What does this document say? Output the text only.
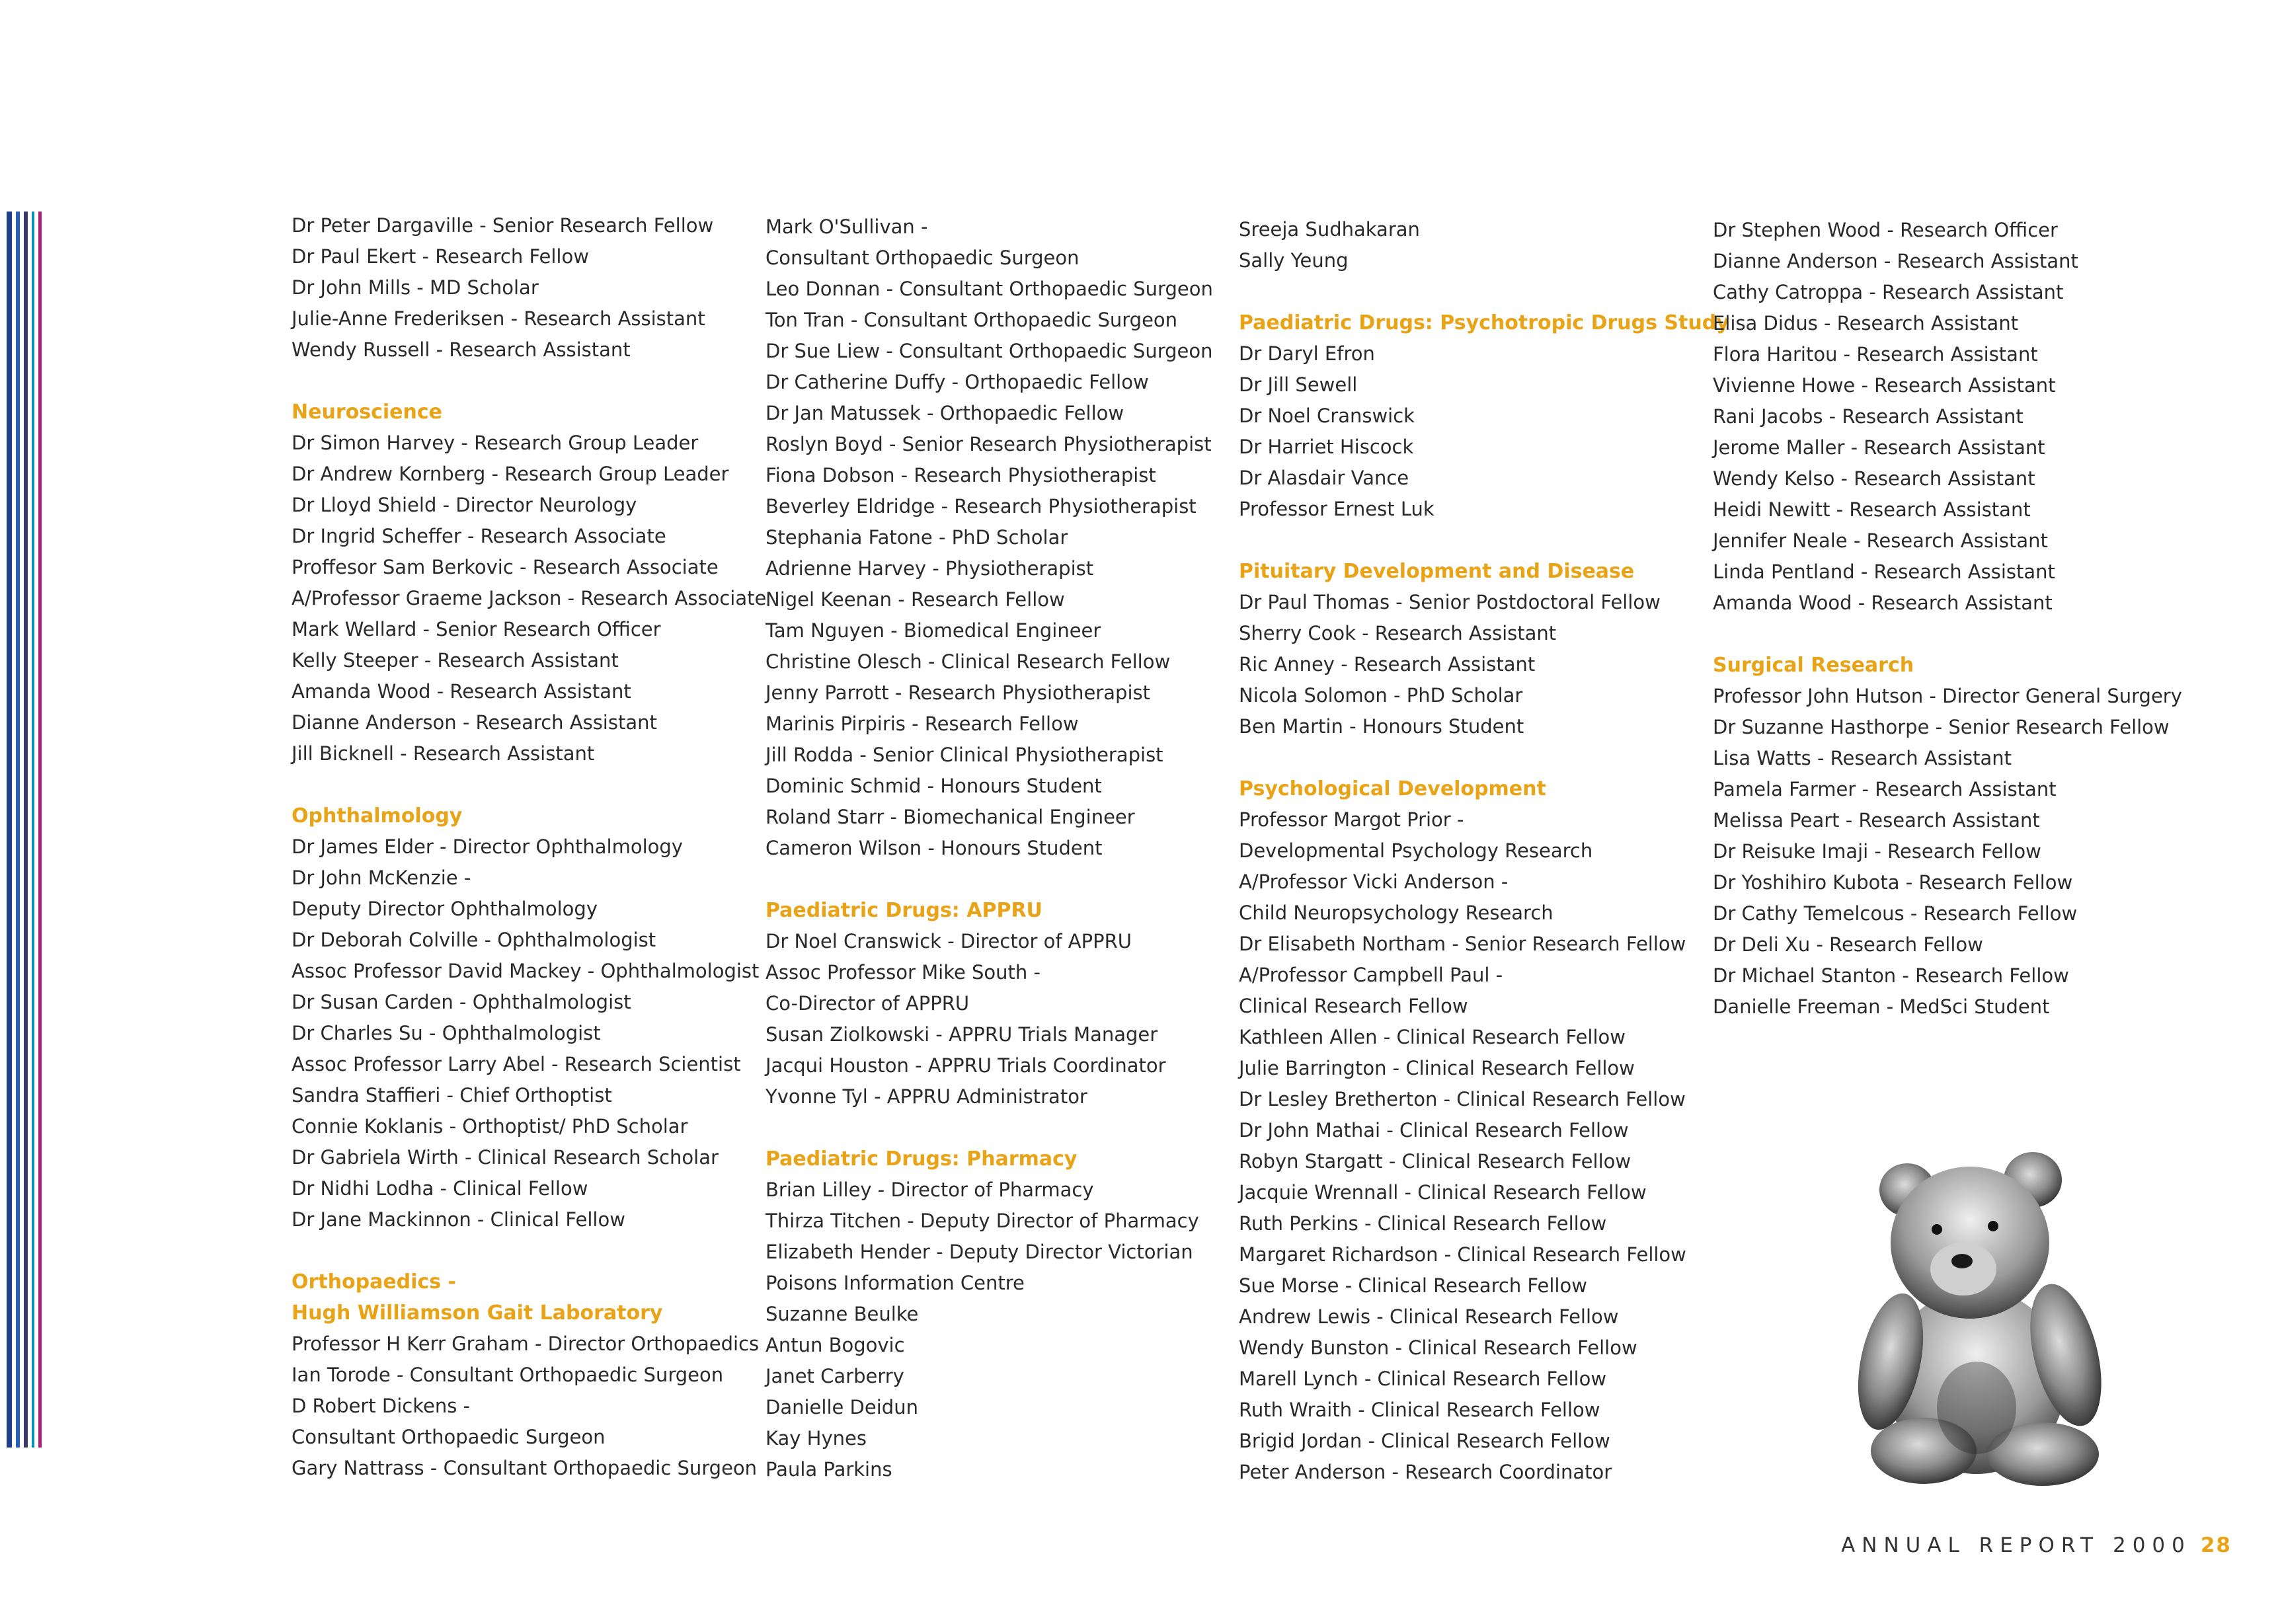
Dr Peter Dargaville - Senior Research Fellow
Dr Paul Ekert - Research Fellow
Dr John Mills - MD Scholar
Julie-Anne Frederiksen - Research Assistant
Wendy Russell - Research Assistant
Neuroscience
Dr Simon Harvey - Research Group Leader
Dr Andrew Kornberg - Research Group Leader
Dr Lloyd Shield - Director Neurology
Dr Ingrid Scheffer - Research Associate
Proffesor Sam Berkovic - Research Associate
A/Professor Graeme Jackson - Research Associate
Mark Wellard - Senior Research Officer
Kelly Steeper - Research Assistant
Amanda Wood - Research Assistant
Dianne Anderson - Research Assistant
Jill Bicknell - Research Assistant
Ophthalmology
Dr James Elder - Director Ophthalmology
Dr John McKenzie -
Deputy Director Ophthalmology
Dr Deborah Colville - Ophthalmologist
Assoc Professor David Mackey - Ophthalmologist
Dr Susan Carden - Ophthalmologist
Dr Charles Su - Ophthalmologist
Assoc Professor Larry Abel - Research Scientist
Sandra Staffieri - Chief Orthoptist
Connie Koklanis - Orthoptist/ PhD Scholar
Dr Gabriela Wirth - Clinical Research Scholar
Dr Nidhi Lodha - Clinical Fellow
Dr Jane Mackinnon - Clinical Fellow
Orthopaedics -
Hugh Williamson Gait Laboratory
Professor H Kerr Graham - Director Orthopaedics
Ian Torode - Consultant Orthopaedic Surgeon
D Robert Dickens -
Consultant Orthopaedic Surgeon
Gary Nattrass - Consultant Orthopaedic Surgeon
Mark O'Sullivan -
Consultant Orthopaedic Surgeon
Leo Donnan - Consultant Orthopaedic Surgeon
Ton Tran - Consultant Orthopaedic Surgeon
Dr Sue Liew - Consultant Orthopaedic Surgeon
Dr Catherine Duffy - Orthopaedic Fellow
Dr Jan Matussek - Orthopaedic Fellow
Roslyn Boyd - Senior Research Physiotherapist
Fiona Dobson - Research Physiotherapist
Beverley Eldridge - Research Physiotherapist
Stephania Fatone - PhD Scholar
Adrienne Harvey - Physiotherapist
Nigel Keenan - Research Fellow
Tam Nguyen - Biomedical Engineer
Christine Olesch - Clinical Research Fellow
Jenny Parrott - Research Physiotherapist
Marinis Pirpiris - Research Fellow
Jill Rodda - Senior Clinical Physiotherapist
Dominic Schmid - Honours Student
Roland Starr - Biomechanical Engineer
Cameron Wilson - Honours Student
Paediatric Drugs: APPRU
Dr Noel Cranswick - Director of APPRU
Assoc Professor Mike South -
Co-Director of APPRU
Susan Ziolkowski - APPRU Trials Manager
Jacqui Houston - APPRU Trials Coordinator
Yvonne Tyl - APPRU Administrator
Paediatric Drugs: Pharmacy
Brian Lilley - Director of Pharmacy
Thirza Titchen - Deputy Director of Pharmacy
Elizabeth Hender - Deputy Director Victorian
Poisons Information Centre
Suzanne Beulke
Antun Bogovic
Janet Carberry
Danielle Deidun
Kay Hynes
Paula Parkins
Sreeja Sudhakaran
Sally Yeung
Paediatric Drugs: Psychotropic Drugs Study
Dr Daryl Efron
Dr Jill Sewell
Dr Noel Cranswick
Dr Harriet Hiscock
Dr Alasdair Vance
Professor Ernest Luk
Pituitary Development and Disease
Dr Paul Thomas - Senior Postdoctoral Fellow
Sherry Cook - Research Assistant
Ric Anney - Research Assistant
Nicola Solomon - PhD Scholar
Ben Martin - Honours Student
Psychological Development
Professor Margot Prior -
Developmental Psychology Research
A/Professor Vicki Anderson -
Child Neuropsychology Research
Dr Elisabeth Northam - Senior Research Fellow
A/Professor Campbell Paul -
Clinical Research Fellow
Kathleen Allen - Clinical Research Fellow
Julie Barrington - Clinical Research Fellow
Dr Lesley Bretherton - Clinical Research Fellow
Dr John Mathai - Clinical Research Fellow
Robyn Stargatt - Clinical Research Fellow
Jacquie Wrennall - Clinical Research Fellow
Ruth Perkins - Clinical Research Fellow
Margaret Richardson - Clinical Research Fellow
Sue Morse - Clinical Research Fellow
Andrew Lewis - Clinical Research Fellow
Wendy Bunston - Clinical Research Fellow
Marell Lynch - Clinical Research Fellow
Ruth Wraith - Clinical Research Fellow
Brigid Jordan - Clinical Research Fellow
Peter Anderson - Research Coordinator
Dr Stephen Wood - Research Officer
Dianne Anderson - Research Assistant
Cathy Catroppa - Research Assistant
Elisa Didus - Research Assistant
Flora Haritou - Research Assistant
Vivienne Howe - Research Assistant
Rani Jacobs - Research Assistant
Jerome Maller - Research Assistant
Wendy Kelso - Research Assistant
Heidi Newitt - Research Assistant
Jennifer Neale - Research Assistant
Linda Pentland - Research Assistant
Amanda Wood - Research Assistant
Surgical Research
Professor John Hutson - Director General Surgery
Dr Suzanne Hasthorpe - Senior Research Fellow
Lisa Watts - Research Assistant
Pamela Farmer - Research Assistant
Melissa Peart - Research Assistant
Dr Reisuke Imaji - Research Fellow
Dr Yoshihiro Kubota - Research Fellow
Dr Cathy Temelcous - Research Fellow
Dr Deli Xu - Research Fellow
Dr Michael Stanton - Research Fellow
Danielle Freeman - MedSci Student
ANNUAL REPORT 2000 28
